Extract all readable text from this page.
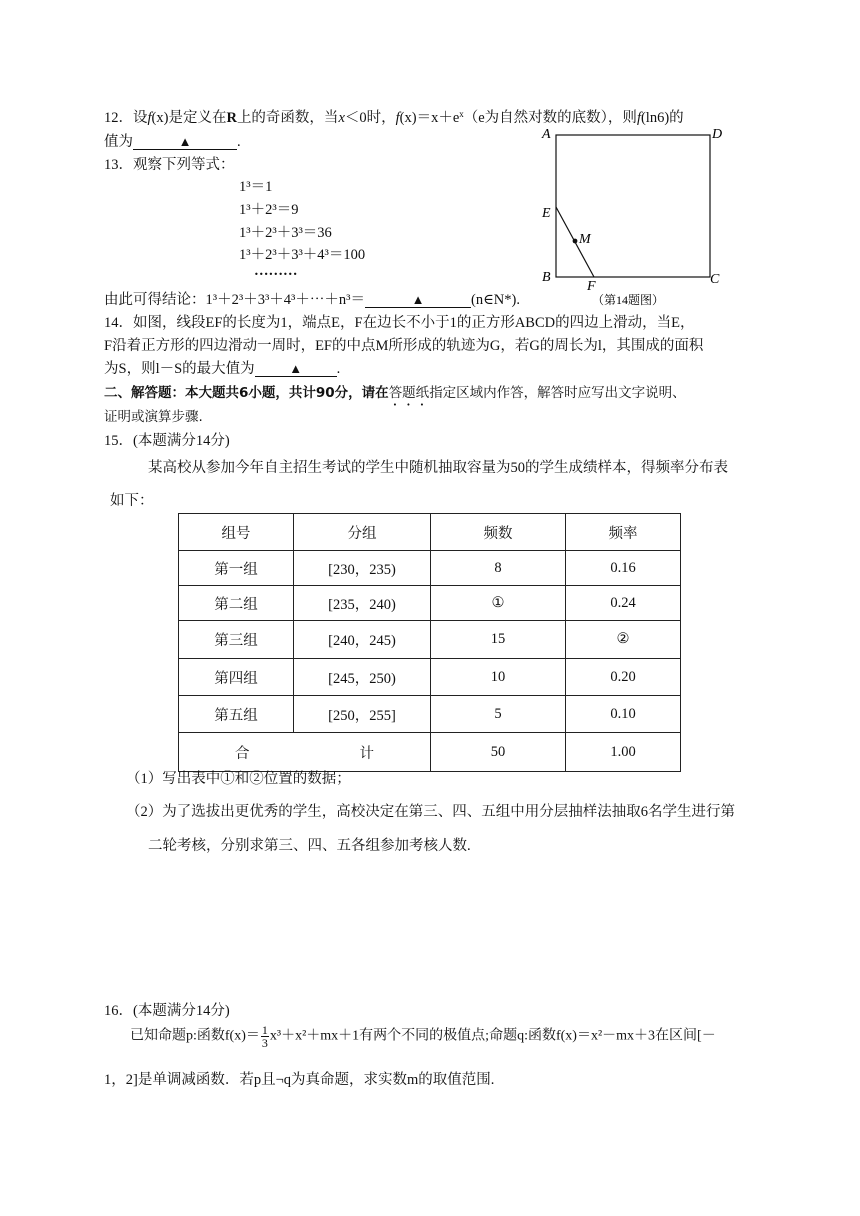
12．设f(x)是定义在R上的奇函数，当x＜0时，$f(x)=x+e^x(e$为自然对数的底数），则f(ln6)的
值为	▲	.
13．观察下列等式：
1³＝1
1³＋2³＝9
1³＋2³＋3³＝36
1³＋2³＋3³＋4³＝100
………
由此可得结论：1³＋2³＋3³＋4³＋⋯＋n³＝	▲	(n∈N*).
A	D
B	C
E
F
M
（第14题图）
14．如图，线段EF的长度为1，端点E，F在边长不小于1的正方形ABCD的四边上滑动，当E，
F沿着正方形的四边滑动一周时，EF的中点M所形成的轨迹为G，若G的周长为l，其围成的面积
为S，则l－S的最大值为	▲ .
二、解答题：本大题共6小题，共计90分，请在答题纸指定区域内作答，解答时应写出文字说明、
证明或演算步骤.
15．(本题满分14分)
某高校从参加今年自主招生考试的学生中随机抽取容量为50的学生成绩样本，得频率分布表
如下：
组号	分组	频数	频率
第一组	[230，235)	8	0.16
第二组	[235，240)	①	0.24
第三组	[240，245)	15	②
第四组	[245，250)	10	0.20
第五组	[250，255]	5	0.10
合 计		50	1.00
（1）写出表中①和②位置的数据；
（2）为了选拔出更优秀的学生，高校决定在第三、四、五组中用分层抽样法抽取6名学生进行第
二轮考核，分别求第三、四、五各组参加考核人数.
16．(本题满分14分)
已知命题p:函数$f(x)= \frac{1}{3} x^3+x^2+mx+1$有两个不同的极值点;命题q:函数f(x)＝x²－mx＋3在区间[－
1，2]是单调减函数．若p且¬q为真命题，求实数m的取值范围.
